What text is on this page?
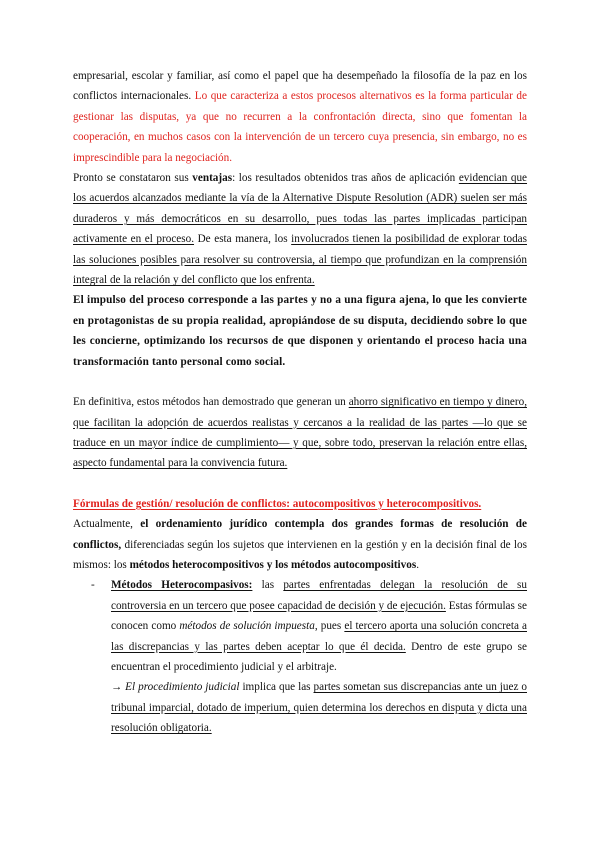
empresarial, escolar y familiar, así como el papel que ha desempeñado la filosofía de la paz en los conflictos internacionales. Lo que caracteriza a estos procesos alternativos es la forma particular de gestionar las disputas, ya que no recurren a la confrontación directa, sino que fomentan la cooperación, en muchos casos con la intervención de un tercero cuya presencia, sin embargo, no es imprescindible para la negociación.

Pronto se constataron sus ventajas: los resultados obtenidos tras años de aplicación evidencian que los acuerdos alcanzados mediante la vía de la Alternative Dispute Resolution (ADR) suelen ser más duraderos y más democráticos en su desarrollo, pues todas las partes implicadas participan activamente en el proceso. De esta manera, los involucrados tienen la posibilidad de explorar todas las soluciones posibles para resolver su controversia, al tiempo que profundizan en la comprensión integral de la relación y del conflicto que los enfrenta.

El impulso del proceso corresponde a las partes y no a una figura ajena, lo que les convierte en protagonistas de su propia realidad, apropiándose de su disputa, decidiendo sobre lo que les concierne, optimizando los recursos de que disponen y orientando el proceso hacia una transformación tanto personal como social.

En definitiva, estos métodos han demostrado que generan un ahorro significativo en tiempo y dinero, que facilitan la adopción de acuerdos realistas y cercanos a la realidad de las partes —lo que se traduce en un mayor índice de cumplimiento— y que, sobre todo, preservan la relación entre ellas, aspecto fundamental para la convivencia futura.

Fórmulas de gestión/ resolución de conflictos: autocompositivos y heterocompositivos.

Actualmente, el ordenamiento jurídico contempla dos grandes formas de resolución de conflictos, diferenciadas según los sujetos que intervienen en la gestión y en la decisión final de los mismos: los métodos heterocompositivos y los métodos autocompositivos.

- Métodos Heterocompasivos: las partes enfrentadas delegan la resolución de su controversia en un tercero que posee capacidad de decisión y de ejecución. Estas fórmulas se conocen como métodos de solución impuesta, pues el tercero aporta una solución concreta a las discrepancias y las partes deben aceptar lo que él decida. Dentro de este grupo se encuentran el procedimiento judicial y el arbitraje.

→ El procedimiento judicial implica que las partes sometan sus discrepancias ante un juez o tribunal imparcial, dotado de imperium, quien determina los derechos en disputa y dicta una resolución obligatoria.
